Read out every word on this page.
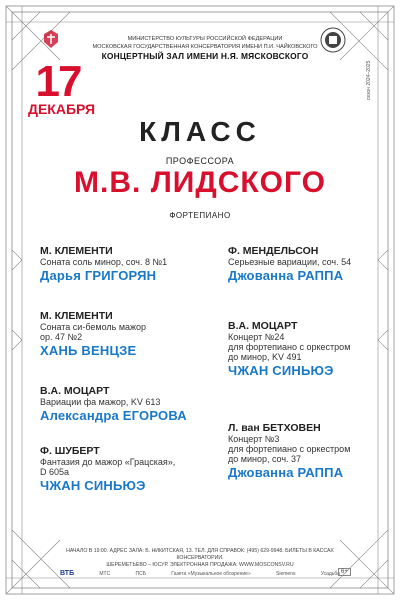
МИНИСТЕРСТВО КУЛЬТУРЫ РОССИЙСКОЙ ФЕДЕРАЦИИ
МОСКОВСКАЯ ГОСУДАРСТВЕННАЯ КОНСЕРВАТОРИЯ ИМЕНИ П.И. ЧАЙКОВСКОГО
КОНЦЕРТНЫЙ ЗАЛ ИМЕНИ Н.Я. МЯСКОВСКОГО
сезон 2024–2025
17
ДЕКАБРЯ
КЛАСС
ПРОФЕССОРА
М.В. ЛИДСКОГО
ФОРТЕПИАНО
М. КЛЕМЕНТИ
Соната соль минор, соч. 8 №1
Дарья ГРИГОРЯН
М. КЛЕМЕНТИ
Соната си-бемоль мажор
ор. 47 №2
ХАНЬ ВЕНЦЗЕ
В.А. МОЦАРТ
Вариации фа мажор, KV 613
Александра ЕГОРОВА
Ф. ШУБЕРТ
Фантазия до мажор «Грацская»,
D 605а
ЧЖАН СИНЬЮЭ
Ф. МЕНДЕЛЬСОН
Серьезные вариации, соч. 54
Джованна РАППА
В.А. МОЦАРТ
Концерт №24
для фортепиано с оркестром
до минор, KV 491
ЧЖАН СИНЬЮЭ
Л. ван БЕТХОВЕН
Концерт №3
для фортепиано с оркестром
до минор, соч. 37
Джованна РАППА
НАЧАЛО В 19:00. АДРЕС ЗАЛА: Б. НИКИТСКАЯ, 13. ТЕЛ. ДЛЯ СПРАВОК: (495) 629-9948. БИЛЕТЫ В КАССАХ КОНСЕРВАТОРИИ.
ШЕРЕМЕТЬЕВО – ЮСУР. ЭЛЕКТРОННАЯ ПРОДАЖА: WWW.MOSCONSV.RU
ВТБ	МТС	ПСБ	Газета «Музыкальное обозрение»	Siemens	Усадьба 6+
